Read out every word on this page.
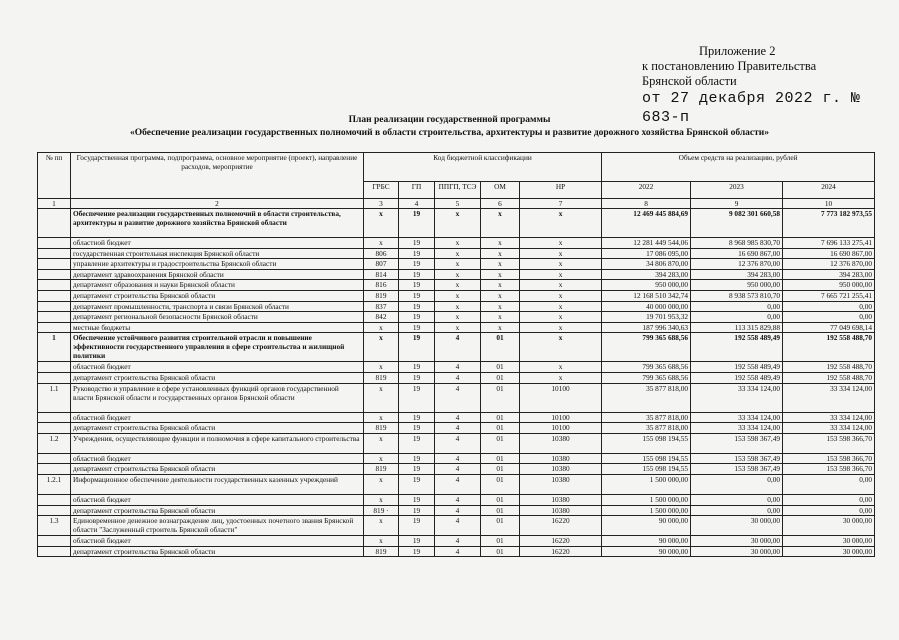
Приложение 2
к постановлению Правительства
Брянской области
от 27 декабря 2022 г. № 683-п
План реализации государственной программы
«Обеспечение реализации государственных полномочий в области строительства, архитектуры и развитие дорожного хозяйства Брянской области»
№ пп	Государственная программа, подпрограмма, основное мероприятие (проект), направление расходов, мероприятие	Код бюджетной классификации					Объем средств на реализацию, рублей		
		ГРБС	ГП	ППГП, ТСЭ	ОМ	НР	2022	2023	2024
1	2	3	4	5	6	7	8	9	10
	Обеспечение реализации государственных полномочий в области строительства, архитектуры и развитие дорожного хозяйства Брянской области	х	19	х	х	х	12 469 445 884,69	9 082 301 660,58	7 773 182 973,55
	областной бюджет	х	19	х	х	х	12 281 449 544,06	8 968 985 830,70	7 696 133 275,41
	государственная строительная инспекция Брянской области	806	19	х	х	х	17 086 095,00	16 690 867,00	16 690 867,00
	управление архитектуры и градостроительства Брянской области	807	19	х	х	х	34 806 870,00	12 376 870,00	12 376 870,00
	департамент здравоохранения Брянской области	814	19	х	х	х	394 283,00	394 283,00	394 283,00
	департамент образования и науки Брянской области	816	19	х	х	х	950 000,00	950 000,00	950 000,00
	департамент строительства Брянской области	819	19	х	х	х	12 168 510 342,74	8 938 573 810,70	7 665 721 255,41
	департамент промышленности, транспорта и связи Брянской области	837	19	х	х	х	40 000 000,00	0,00	0,00
	департамент региональной безопасности Брянской области	842	19	х	х	х	19 701 953,32	0,00	0,00
	местные бюджеты	х	19	х	х	х	187 996 340,63	113 315 829,88	77 049 698,14
1	Обеспечение устойчивого развития строительной отрасли и повышение эффективности государственного управления в сфере строительства и жилищной политики	х	19	4	01	х	799 365 688,56	192 558 489,49	192 558 488,70
	областной бюджет	х	19	4	01	х	799 365 688,56	192 558 489,49	192 558 488,70
	департамент строительства Брянской области	819	19	4	01	х	799 365 688,56	192 558 489,49	192 558 488,70
1.1	Руководство и управление в сфере установленных функций органов государственной власти Брянской области и государственных органов Брянской области	х	19	4	01	10100	35 877 818,00	33 334 124,00	33 334 124,00
	областной бюджет	х	19	4	01	10100	35 877 818,00	33 334 124,00	33 334 124,00
	департамент строительства Брянской области	819	19	4	01	10100	35 877 818,00	33 334 124,00	33 334 124,00
1.2	Учреждения, осуществляющие функции и полномочия в сфере капитального строительства	х	19	4	01	10380	155 098 194,55	153 598 367,49	153 598 366,70
	областной бюджет	х	19	4	01	10380	155 098 194,55	153 598 367,49	153 598 366,70
	департамент строительства Брянской области	819	19	4	01	10380	155 098 194,55	153 598 367,49	153 598 366,70
1.2.1	Информационное обеспечение деятельности государственных казенных учреждений	х	19	4	01	10380	1 500 000,00	0,00	0,00
	областной бюджет	х	19	4	01	10380	1 500 000,00	0,00	0,00
	департамент строительства Брянской области	819 ·	19	4	01	10380	1 500 000,00	0,00	0,00
1.3	Единовременное денежное вознаграждение лиц, удостоенных почетного звания Брянской области "Заслуженный строитель Брянской области"	х	19	4	01	16220	90 000,00	30 000,00	30 000,00
	областной бюджет	х	19	4	01	16220	90 000,00	30 000,00	30 000,00
	департамент строительства Брянской области	819	19	4	01	16220	90 000,00	30 000,00	30 000,00
